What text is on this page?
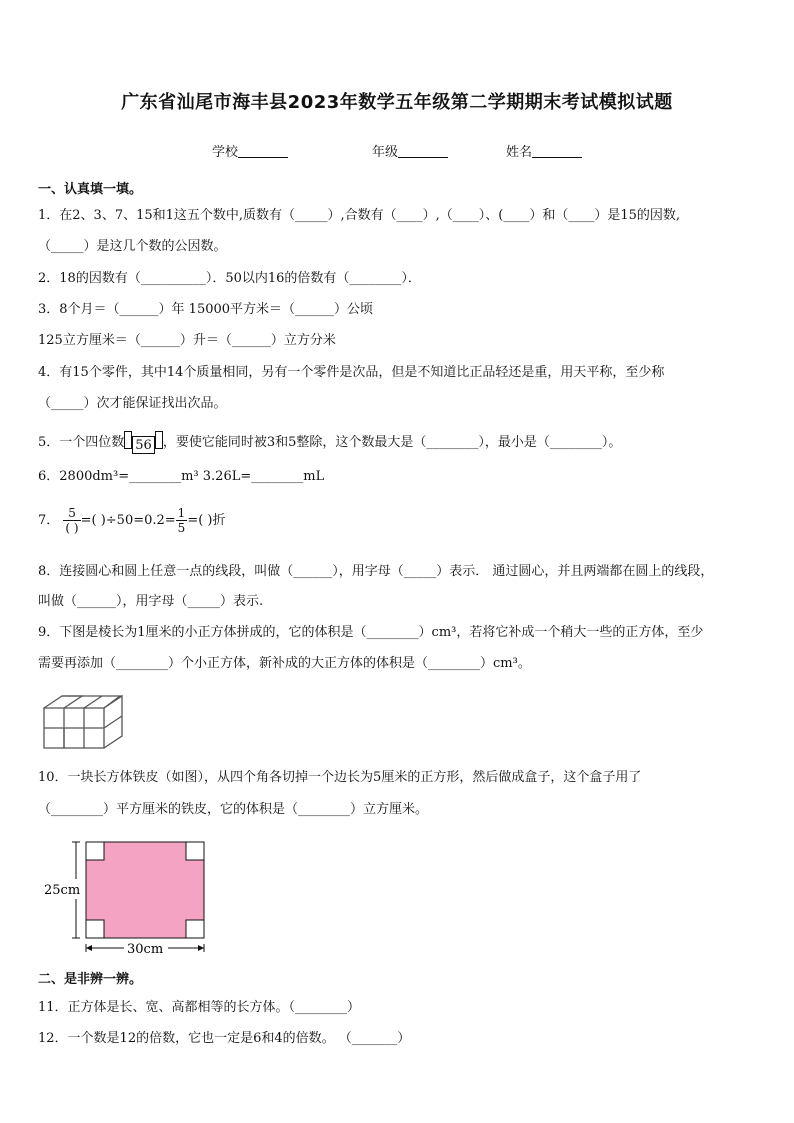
广东省汕尾市海丰县2023年数学五年级第二学期期末考试模拟试题
学校	年级	姓名
一、认真填一填。
1．在2、3、7、15和1这五个数中,质数有（_____）,合数有（____）,（____）、(____）和（____）是15的因数,
（_____）是这几个数的公因数。
2．18的因数有（__________）．50以内16的倍数有（________）．
3．8个月＝（______）年 15000平方米＝（______）公顷
125立方厘米＝（______）升＝（______）立方分米
4．有15个零件，其中14个质量相同，另有一个零件是次品，但是不知道比正品轻还是重，用天平称，至少称
（_____）次才能保证找出次品。
5．一个四位数 56 ，要使它能同时被3和5整除，这个数最大是（________），最小是（________）。
6．2800dm³=________m³ 3.26L=________mL
7． $\frac{5}{( )}$ =( )$\div 50=0.2= \frac{1}{5}$ =( )折
8．连接圆心和圆上任意一点的线段，叫做（______），用字母（_____）表示． 通过圆心，并且两端都在圆上的线段，
叫做（______），用字母（_____）表示.
9．下图是棱长为1厘米的小正方体拼成的，它的体积是（________）cm³，若将它补成一个稍大一些的正方体，至少
需要再添加（________）个小正方体，新补成的大正方体的体积是（________）cm³。
10．一块长方体铁皮（如图），从四个角各切掉一个边长为5厘米的正方形，然后做成盒子，这个盒子用了
（________）平方厘米的铁皮，它的体积是（________）立方厘米。
25cm
30cm
二、是非辨一辨。
11．正方体是长、宽、高都相等的长方体。（________）
12．一个数是12的倍数，它也一定是6和4的倍数。 （_______）
